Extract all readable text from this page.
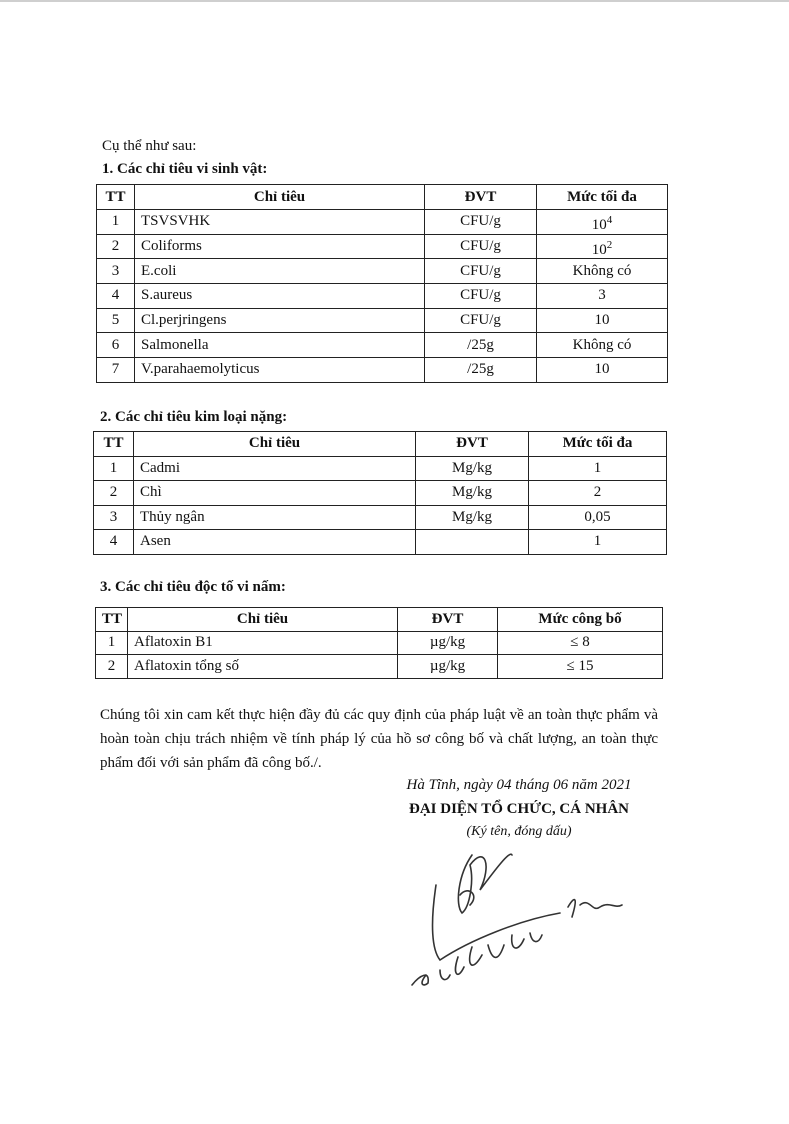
Cụ thể như sau:
1. Các chỉ tiêu vi sinh vật:
TT	Chỉ tiêu	ĐVT	Mức tối đa
1	TSVSVHK	CFU/g	$10^4$
2	Coliforms	CFU/g	$10^2$
3	E.coli	CFU/g	Không có
4	S.aureus	CFU/g	3
5	Cl.perjringens	CFU/g	10
6	Salmonella	/25g	Không có
7	V.parahaemolyticus	/25g	10
2. Các chỉ tiêu kim loại nặng:
TT	Chỉ tiêu	ĐVT	Mức tối đa
1	Cadmi	Mg/kg	1
2	Chì	Mg/kg	2
3	Thủy ngân	Mg/kg	0,05
4	Asen		1
3. Các chỉ tiêu độc tố vi nấm:
TT	Chỉ tiêu	ĐVT	Mức công bố
1	Aflatoxin B1	µg/kg	≤ 8
2	Aflatoxin tổng số	µg/kg	≤ 15
Chúng tôi xin cam kết thực hiện đầy đủ các quy định của pháp luật về an toàn thực phẩm và hoàn toàn chịu trách nhiệm về tính pháp lý của hồ sơ công bố và chất lượng, an toàn thực phẩm đối với sản phẩm đã công bố./.
Hà Tĩnh, ngày 04 tháng 06 năm 2021
ĐẠI DIỆN TỔ CHỨC, CÁ NHÂN
(Ký tên, đóng dấu)
